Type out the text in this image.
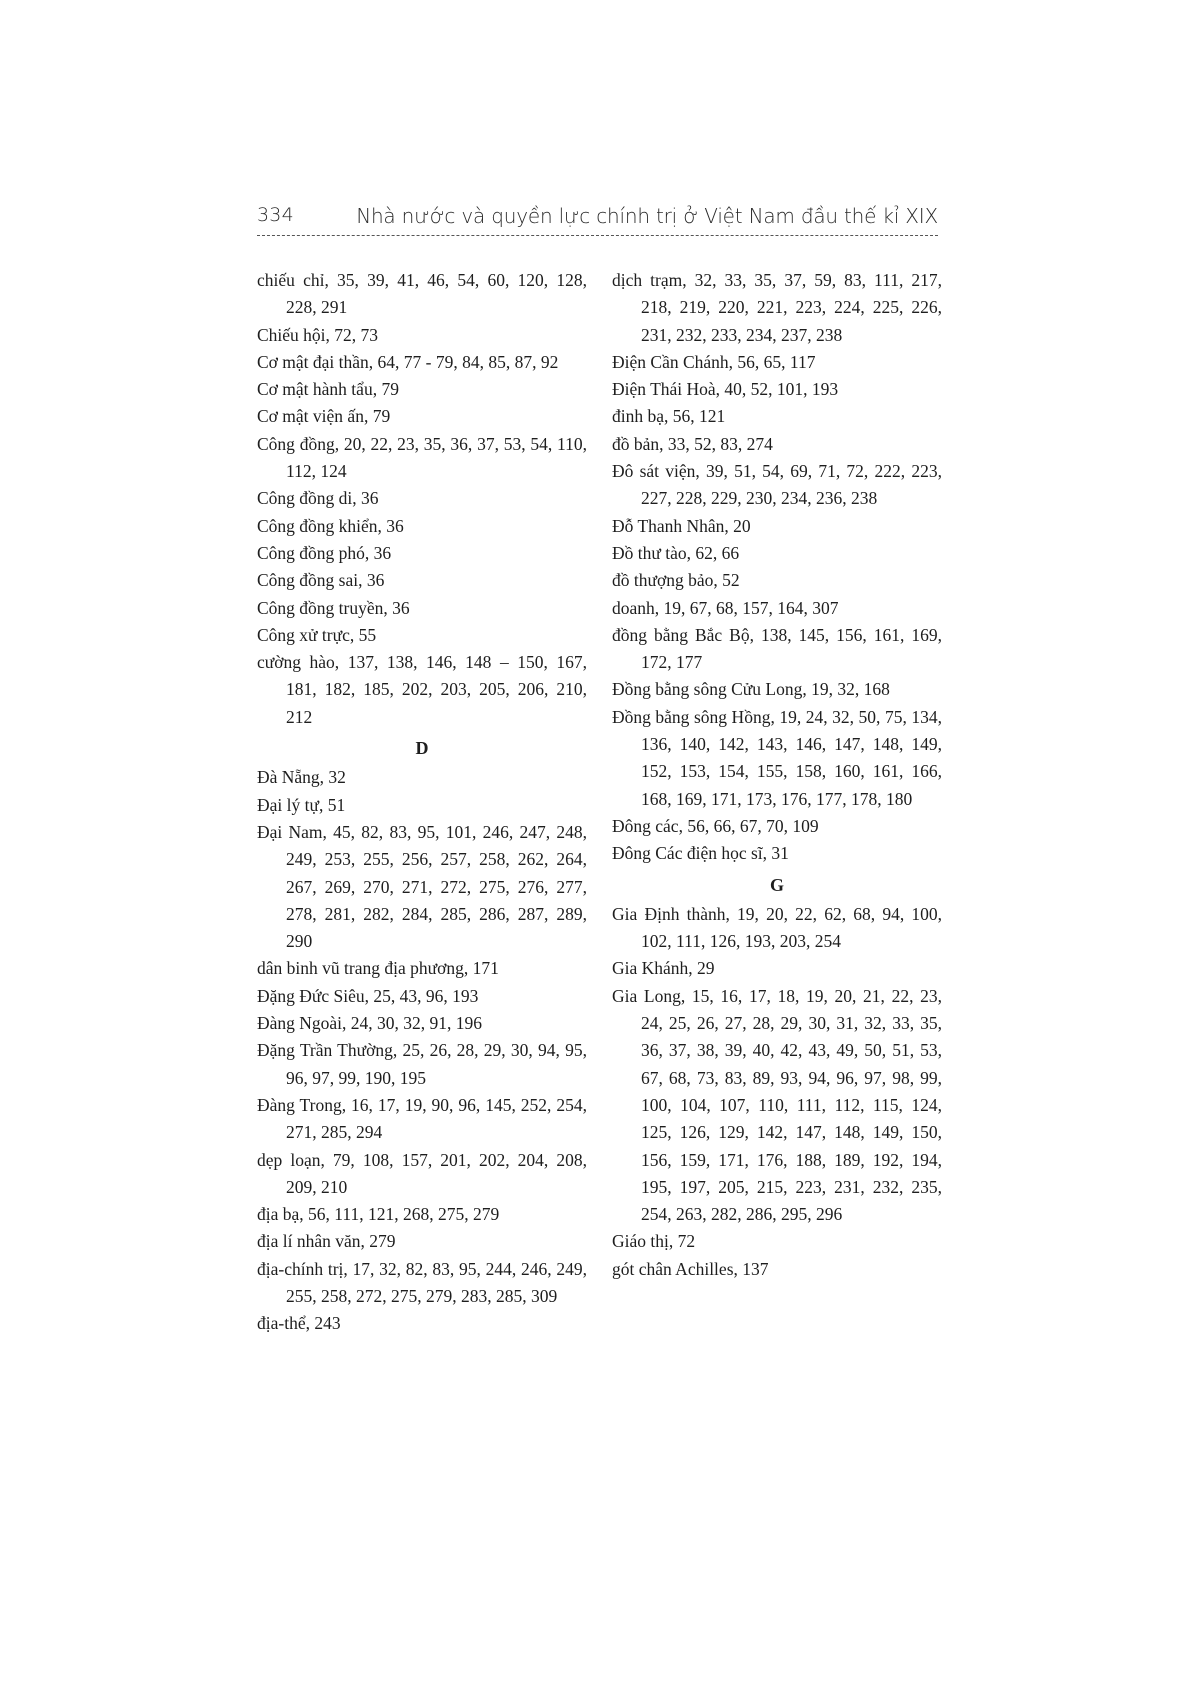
334	Nhà nước và quyền lực chính trị ở Việt Nam đầu thế kỉ XIX

chiếu chỉ, 35, 39, 41, 46, 54, 60, 120, 128, 228, 291

Chiếu hội, 72, 73

Cơ mật đại thần, 64, 77 - 79, 84, 85, 87, 92

Cơ mật hành tẩu, 79

Cơ mật viện ấn, 79

Công đồng, 20, 22, 23, 35, 36, 37, 53, 54, 110, 112, 124

Công đồng di, 36

Công đồng khiển, 36

Công đồng phó, 36

Công đồng sai, 36

Công đồng truyền, 36

Công xử trực, 55

cường hào, 137, 138, 146, 148 – 150, 167, 181, 182, 185, 202, 203, 205, 206, 210, 212

D

Đà Nẵng, 32

Đại lý tự, 51

Đại Nam, 45, 82, 83, 95, 101, 246, 247, 248, 249, 253, 255, 256, 257, 258, 262, 264, 267, 269, 270, 271, 272, 275, 276, 277, 278, 281, 282, 284, 285, 286, 287, 289, 290

dân binh vũ trang địa phương, 171

Đặng Đức Siêu, 25, 43, 96, 193

Đàng Ngoài, 24, 30, 32, 91, 196

Đặng Trần Thường, 25, 26, 28, 29, 30, 94, 95, 96, 97, 99, 190, 195

Đàng Trong, 16, 17, 19, 90, 96, 145, 252, 254, 271, 285, 294

dẹp loạn, 79, 108, 157, 201, 202, 204, 208, 209, 210

địa bạ, 56, 111, 121, 268, 275, 279

địa lí nhân văn, 279

địa-chính trị, 17, 32, 82, 83, 95, 244, 246, 249, 255, 258, 272, 275, 279, 283, 285, 309

địa-thể, 243

dịch trạm, 32, 33, 35, 37, 59, 83, 111, 217, 218, 219, 220, 221, 223, 224, 225, 226, 231, 232, 233, 234, 237, 238

Điện Cần Chánh, 56, 65, 117

Điện Thái Hoà, 40, 52, 101, 193

đinh bạ, 56, 121

đồ bản, 33, 52, 83, 274

Đô sát viện, 39, 51, 54, 69, 71, 72, 222, 223, 227, 228, 229, 230, 234, 236, 238

Đỗ Thanh Nhân, 20

Đồ thư tào, 62, 66

đồ thượng bảo, 52

doanh, 19, 67, 68, 157, 164, 307

đồng bằng Bắc Bộ, 138, 145, 156, 161, 169, 172, 177

Đồng bằng sông Cửu Long, 19, 32, 168

Đồng bằng sông Hồng, 19, 24, 32, 50, 75, 134, 136, 140, 142, 143, 146, 147, 148, 149, 152, 153, 154, 155, 158, 160, 161, 166, 168, 169, 171, 173, 176, 177, 178, 180

Đông các, 56, 66, 67, 70, 109

Đông Các điện học sĩ, 31

G

Gia Định thành, 19, 20, 22, 62, 68, 94, 100, 102, 111, 126, 193, 203, 254

Gia Khánh, 29

Gia Long, 15, 16, 17, 18, 19, 20, 21, 22, 23, 24, 25, 26, 27, 28, 29, 30, 31, 32, 33, 35, 36, 37, 38, 39, 40, 42, 43, 49, 50, 51, 53, 67, 68, 73, 83, 89, 93, 94, 96, 97, 98, 99, 100, 104, 107, 110, 111, 112, 115, 124, 125, 126, 129, 142, 147, 148, 149, 150, 156, 159, 171, 176, 188, 189, 192, 194, 195, 197, 205, 215, 223, 231, 232, 235, 254, 263, 282, 286, 295, 296

Giáo thị, 72

gót chân Achilles, 137
